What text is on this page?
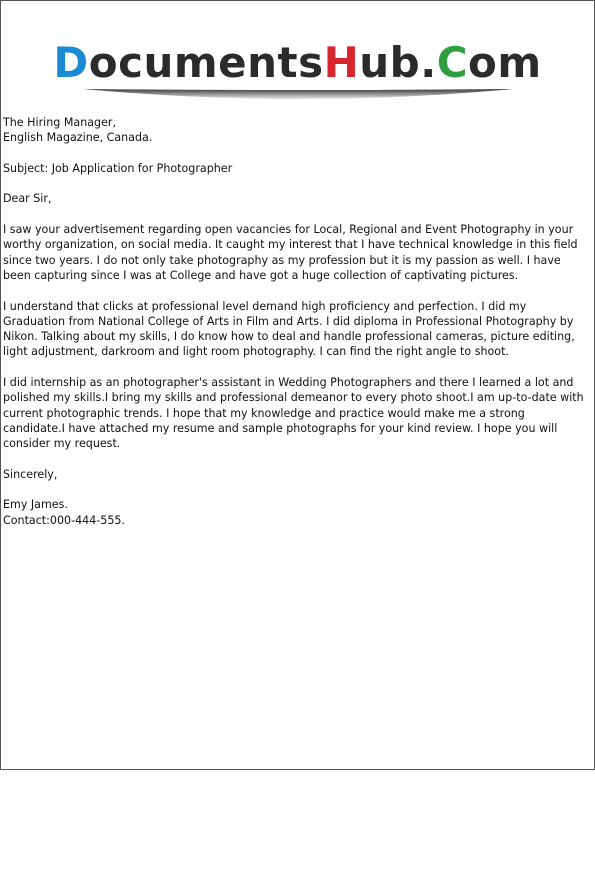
DocumentsHub.Com

The Hiring Manager,
English Magazine, Canada.

Subject: Job Application for Photographer

Dear Sir,

I saw your advertisement regarding open vacancies for Local, Regional and Event Photography in your worthy organization, on social media. It caught my interest that I have technical knowledge in this field since two years. I do not only take photography as my profession but it is my passion as well. I have been capturing since I was at College and have got a huge collection of captivating pictures.

I understand that clicks at professional level demand high proficiency and perfection. I did my Graduation from National College of Arts in Film and Arts. I did diploma in Professional Photography by Nikon. Talking about my skills, I do know how to deal and handle professional cameras, picture editing, light adjustment, darkroom and light room photography. I can find the right angle to shoot.

I did internship as an photographer's assistant in Wedding Photographers and there I learned a lot and polished my skills.I bring my skills and professional demeanor to every photo shoot.I am up-to-date with current photographic trends. I hope that my knowledge and practice would make me a strong candidate.I have attached my resume and sample photographs for your kind review. I hope you will consider my request.

Sincerely,

Emy James.
Contact:000-444-555.
